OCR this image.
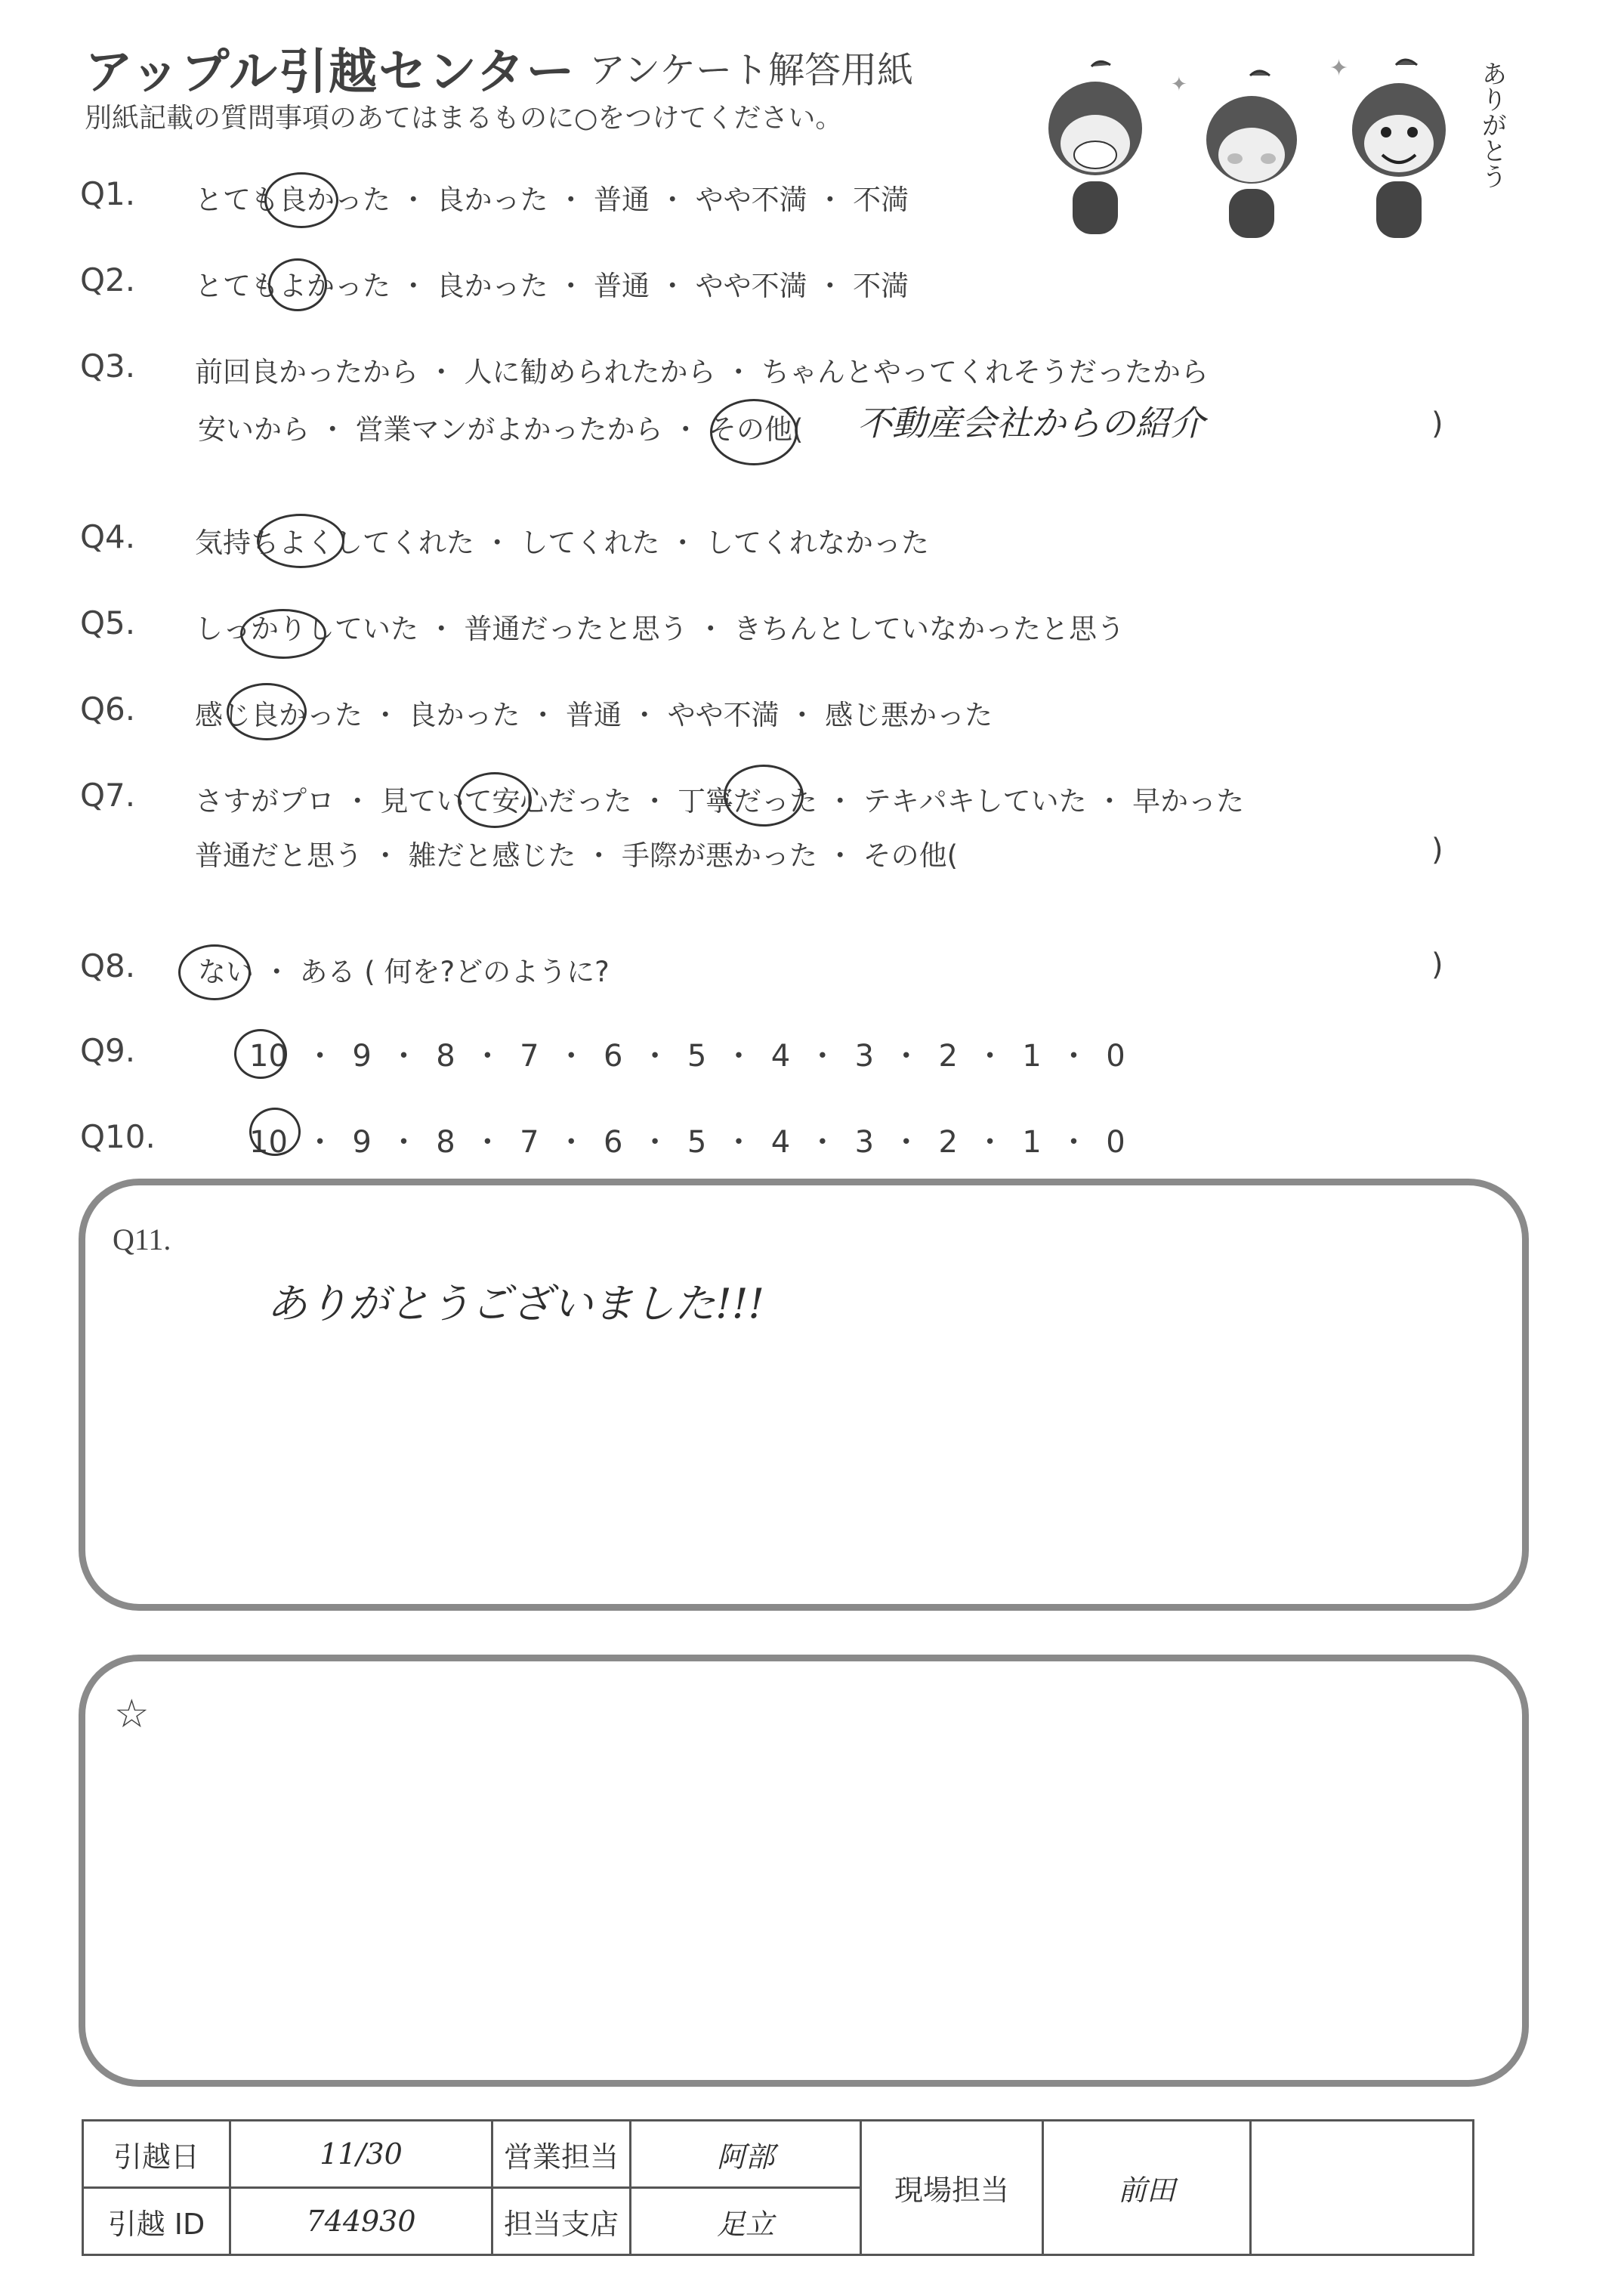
アップル引越センター アンケート解答用紙
別紙記載の質問事項のあてはまるものに○をつけてください。	ありがとう
✦
✦
Q1. とても良かった ・ 良かった ・ 普通 ・ やや不満 ・ 不満
Q2. とてもよかった ・ 良かった ・ 普通 ・ やや不満 ・ 不満
Q3. 前回良かったから ・ 人に勧められたから ・ ちゃんとやってくれそうだったから
安いから ・ 営業マンがよかったから ・ その他( 不動産会社からの紹介	)
Q4. 気持ちよくしてくれた ・ してくれた ・ してくれなかった
Q5. しっかりしていた ・ 普通だったと思う ・ きちんとしていなかったと思う
Q6. 感じ良かった ・ 良かった ・ 普通 ・ やや不満 ・ 感じ悪かった
Q7. さすがプロ ・ 見ていて安心だった ・ 丁寧だった ・ テキパキしていた ・ 早かった
普通だと思う ・ 雑だと感じた ・ 手際が悪かった ・ その他(	)
Q8. ない ・ ある ( 何を?どのように?	)
Q9.	10 ・ 9 ・ 8 ・ 7 ・ 6 ・ 5 ・ 4 ・ 3 ・ 2 ・ 1 ・ 0
Q10.	10 ・ 9 ・ 8 ・ 7 ・ 6 ・ 5 ・ 4 ・ 3 ・ 2 ・ 1 ・ 0
Q11.
ありがとうございました!!!
☆
引越日	11/30	営業担当	阿部	現場担当	前田	
引越 ID	744930	担当支店	足立			
